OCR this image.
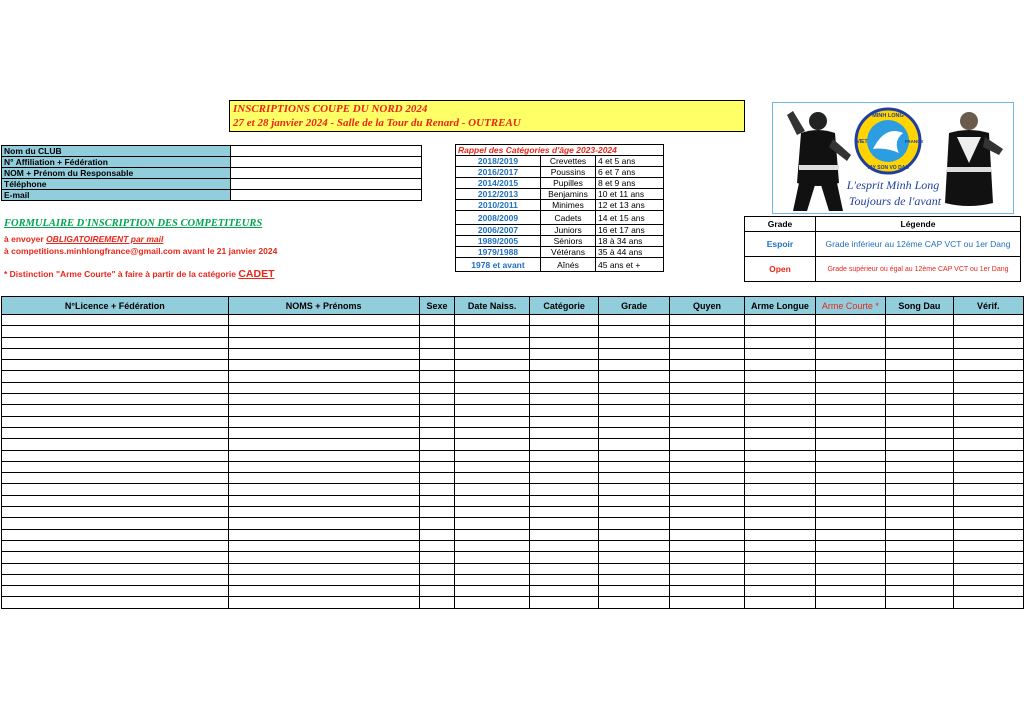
INSCRIPTIONS COUPE DU NORD 2024
27 et 28 janvier 2024 - Salle de la Tour du Renard - OUTREAU
MINH LONG
TAY SON VO DAO
VIET	FRANCE
L'esprit Minh Long
Toujours de l'avant
Nom du CLUB	
N° Affiliation + Fédération	
NOM + Prénom du Responsable	
Téléphone	
E-mail	
FORMULAIRE D'INSCRIPTION DES COMPETITEURS
à envoyer OBLIGATOIREMENT par mail
à competitions.minhlongfrance@gmail.com avant le 21 janvier 2024
* Distinction "Arme Courte" à faire à partir de la catégorie CADET
Rappel des Catégories d'âge 2023-2024		
2018/2019	Crevettes	4 et 5 ans
2016/2017	Poussins	6 et 7 ans
2014/2015	Pupilles	8 et 9 ans
2012/2013	Benjamins	10 et 11 ans
2010/2011	Minimes	12 et 13 ans
2008/2009	Cadets	14 et 15 ans
2006/2007	Juniors	16 et 17 ans
1989/2005	Séniors	18 à 34 ans
1979/1988	Vétérans	35 à 44 ans
1978 et avant	Aînés	45 ans et +
Grade	Légende
Espoir	Grade inférieur au 12ème CAP VCT ou 1er Dang
Open	Grade supérieur ou égal au 12ème CAP VCT ou 1er Dang
N°Licence + Fédération	NOMS + Prénoms	Sexe	Date Naiss.	Catégorie	Grade	Quyen	Arme Longue	Arme Courte *	Song Dau	Vérif.
